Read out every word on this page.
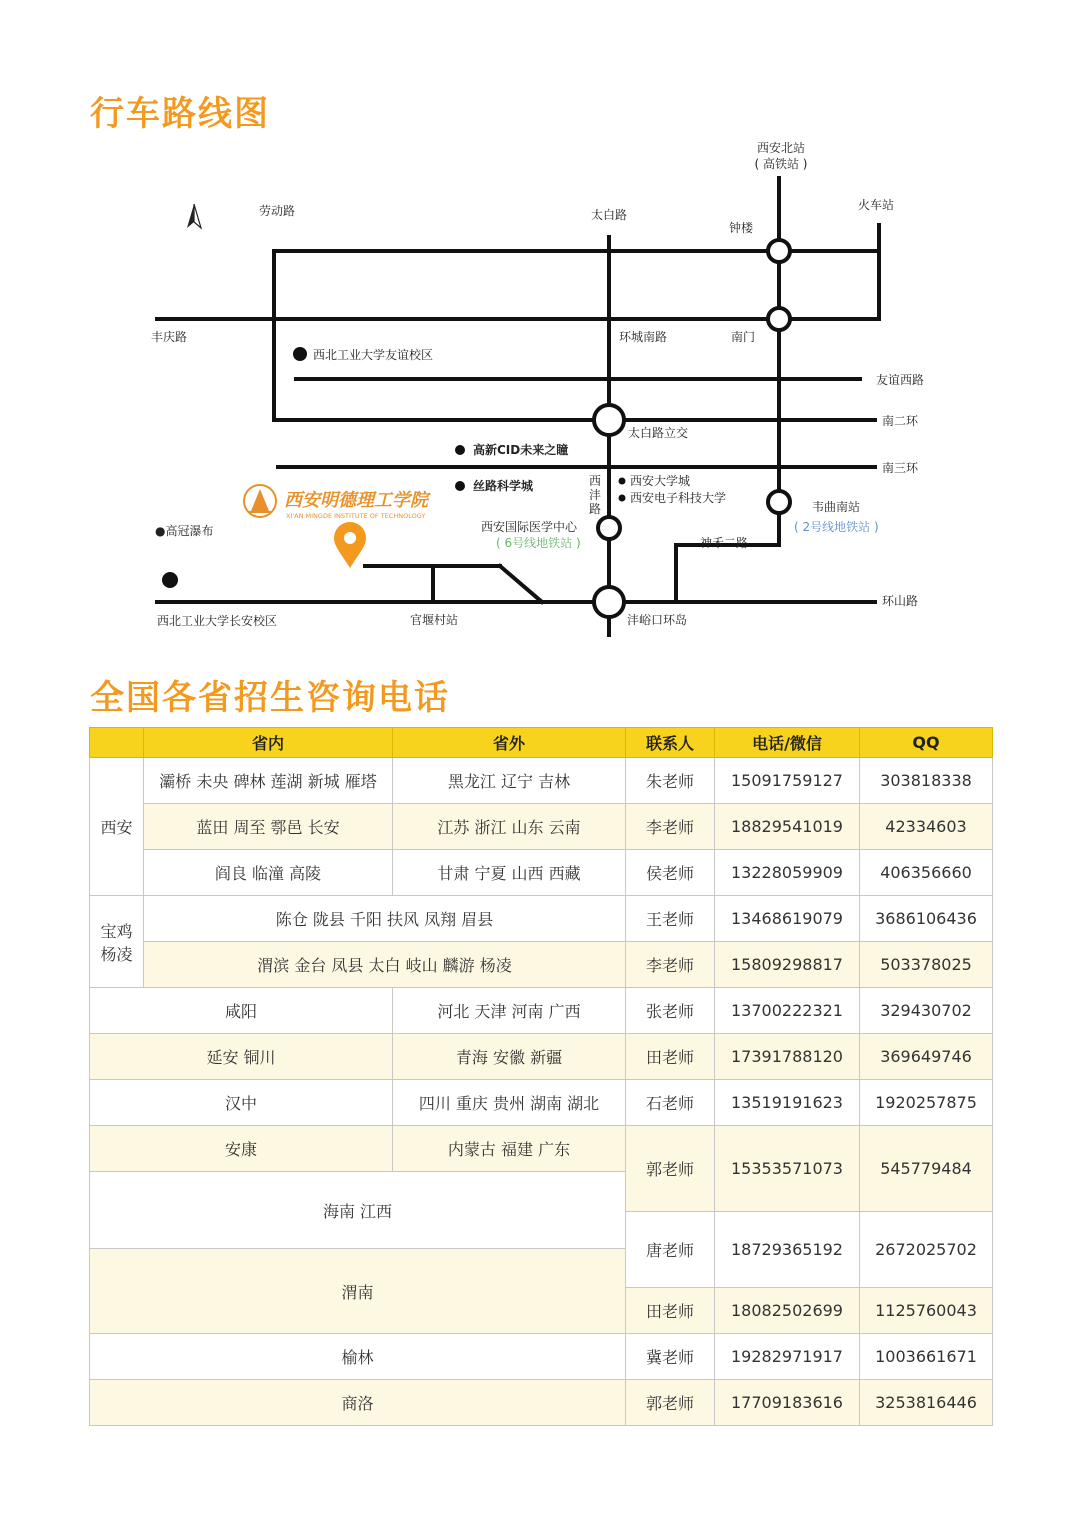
行车路线图
西安明德理工学院
XI'AN MINGDE INSTITUTE OF TECHNOLOGY
西安北站
( 高铁站 )
火车站
劳动路	太白路
钟楼
丰庆路	环城南路	南门
西北工业大学友谊校区
友谊西路
南二环
太白路立交
高新CID未来之瞳
南三环
丝路科学城	西
沣
路
西安大学城
西安电子科技大学
韦曲南站
( 2号线地铁站 )
西安国际医学中心
( 6号线地铁站 )	神禾二路
●高冠瀑布
环山路
西北工业大学长安校区	官堰村站	沣峪口环岛
全国各省招生咨询电话
	省内	省外	联系人	电话/微信	QQ
西安	灞桥 未央 碑林 莲湖 新城 雁塔	黑龙江 辽宁 吉林	朱老师	15091759127	303818338
	蓝田 周至 鄠邑 长安	江苏 浙江 山东 云南	李老师	18829541019	42334603
	阎良 临潼 高陵	甘肃 宁夏 山西 西藏	侯老师	13228059909	406356660
宝鸡
杨凌	陈仓 陇县 千阳 扶风 凤翔 眉县		王老师	13468619079	3686106436
	渭滨 金台 凤县 太白 岐山 麟游 杨凌		李老师	15809298817	503378025
咸阳		河北 天津 河南 广西	张老师	13700222321	329430702
延安 铜川		青海 安徽 新疆	田老师	17391788120	369649746
汉中		四川 重庆 贵州 湖南 湖北	石老师	13519191623	1920257875
安康		内蒙古 福建 广东	郭老师	15353571073	545779484
海南 江西					
			唐老师	18729365192	2672025702
渭南					
			田老师	18082502699	1125760043
榆林			冀老师	19282971917	1003661671
商洛			郭老师	17709183616	3253816446
